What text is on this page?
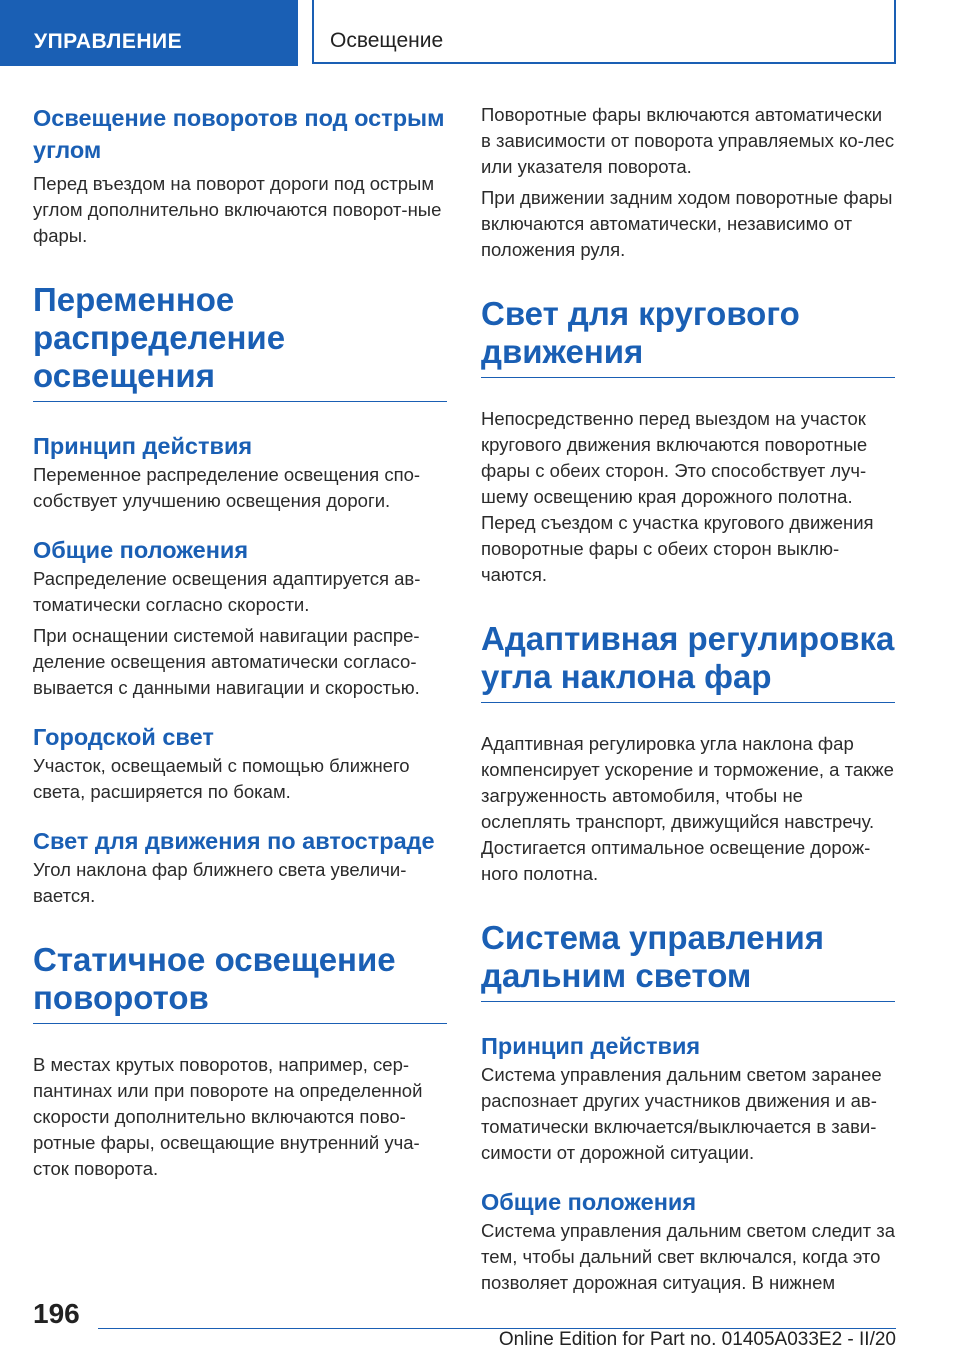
УПРАВЛЕНИЕ	Освещение
Освещение поворотов под острым углом

Перед въездом на поворот дороги под острым углом дополнительно включаются поворот-ные фары.

Переменное распределение освещения
Принцип действия

Переменное распределение освещения спо-собствует улучшению освещения дороги.

Общие положения

Распределение освещения адаптируется ав-томатически согласно скорости.

При оснащении системой навигации распре-деление освещения автоматически согласо-вывается с данными навигации и скоростью.

Городской свет

Участок, освещаемый с помощью ближнего света, расширяется по бокам.

Свет для движения по автостраде

Угол наклона фар ближнего света увеличи-вается.

Статичное освещение поворотов

В местах крутых поворотов, например, сер-пантинах или при повороте на определенной скорости дополнительно включаются пово-ротные фары, освещающие внутренний уча-сток поворота.

Поворотные фары включаются автоматически в зависимости от поворота управляемых ко-лес или указателя поворота.

При движении задним ходом поворотные фары включаются автоматически, независимо от положения руля.

Свет для кругового движения

Непосредственно перед выездом на участок кругового движения включаются поворотные фары с обеих сторон. Это способствует луч-шему освещению края дорожного полотна. Перед съездом с участка кругового движения поворотные фары с обеих сторон выклю-чаются.

Адаптивная регулировка угла наклона фар

Адаптивная регулировка угла наклона фар компенсирует ускорение и торможение, а также загруженность автомобиля, чтобы не ослеплять транспорт, движущийся навстречу. Достигается оптимальное освещение дорож-ного полотна.

Система управления дальним светом
Принцип действия

Система управления дальним светом заранее распознает других участников движения и ав-томатически включается/выключается в зави-симости от дорожной ситуации.

Общие положения

Система управления дальним светом следит за тем, чтобы дальний свет включался, когда это позволяет дорожная ситуация. В нижнем

196
Online Edition for Part no. 01405A033E2 - II/20
